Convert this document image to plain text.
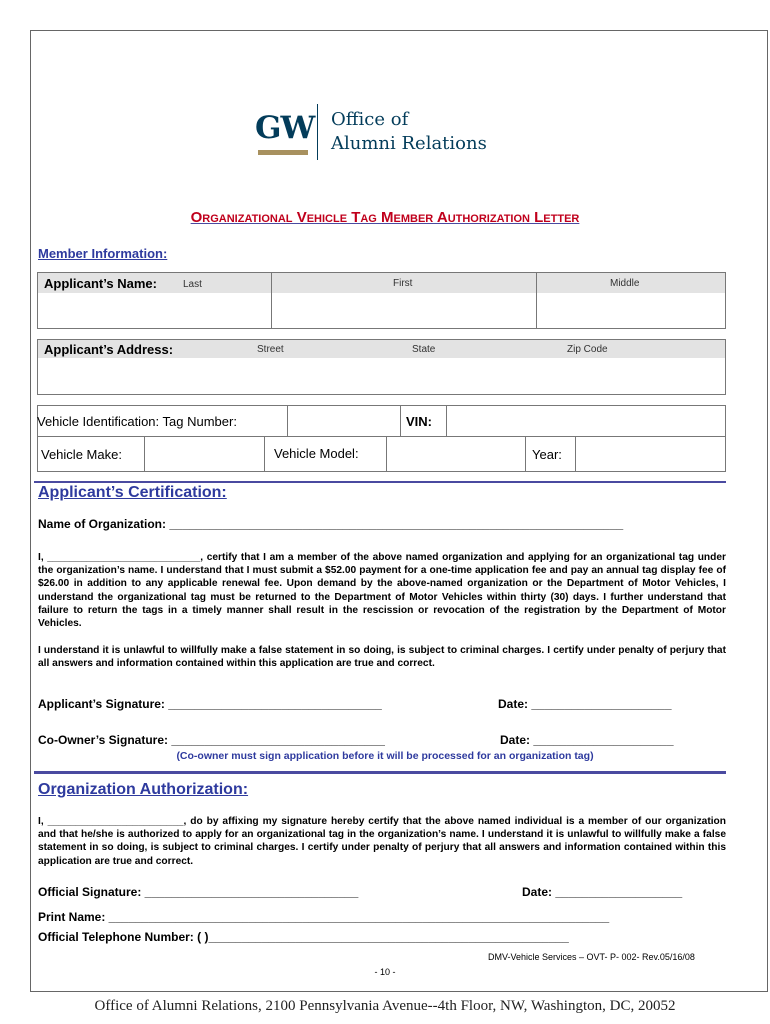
GW Office of
Alumni Relations
Organizational Vehicle Tag Member Authorization Letter
Member Information:
Applicant’s Name:	Last	First	Middle
Applicant’s Address:	Street	State	Zip Code
Vehicle Identification: Tag Number:	VIN:
Vehicle Make:	Vehicle Model:	Year:
Applicant’s Certification:
Name of Organization: ____________________________________________________________________
I, ___________________________, certify that I am a member of the above named organization and applying for an organizational tag under the organization’s name. I understand that I must submit a $52.00 payment for a one-time application fee and pay an annual tag display fee of $26.00 in addition to any applicable renewal fee. Upon demand by the above-named organization or the Department of Motor Vehicles, I understand the organizational tag must be returned to the Department of Motor Vehicles within thirty (30) days. I further understand that failure to return the tags in a timely manner shall result in the rescission or revocation of the registration by the Department of Motor Vehicles.
I understand it is unlawful to willfully make a false statement in so doing, is subject to criminal charges. I certify under penalty of perjury that all answers and information contained within this application are true and correct.
Applicant’s Signature: ________________________________	Date: _____________________
Co-Owner’s Signature: ________________________________	Date: _____________________
(Co-owner must sign application before it will be processed for an organization tag)
Organization Authorization:
I, ________________________, do by affixing my signature hereby certify that the above named individual is a member of our organization and that he/she is authorized to apply for an organizational tag in the organization’s name. I understand it is unlawful to willfully make a false statement in so doing, is subject to criminal charges. I certify under penalty of perjury that all answers and information contained within this application are true and correct.
Official Signature: ________________________________	Date: ___________________
Print Name: ___________________________________________________________________________
Official Telephone Number: ( )______________________________________________________
DMV-Vehicle Services – OVT- P- 002- Rev.05/16/08
- 10 -
Office of Alumni Relations, 2100 Pennsylvania Avenue--4th Floor, NW, Washington, DC, 20052
